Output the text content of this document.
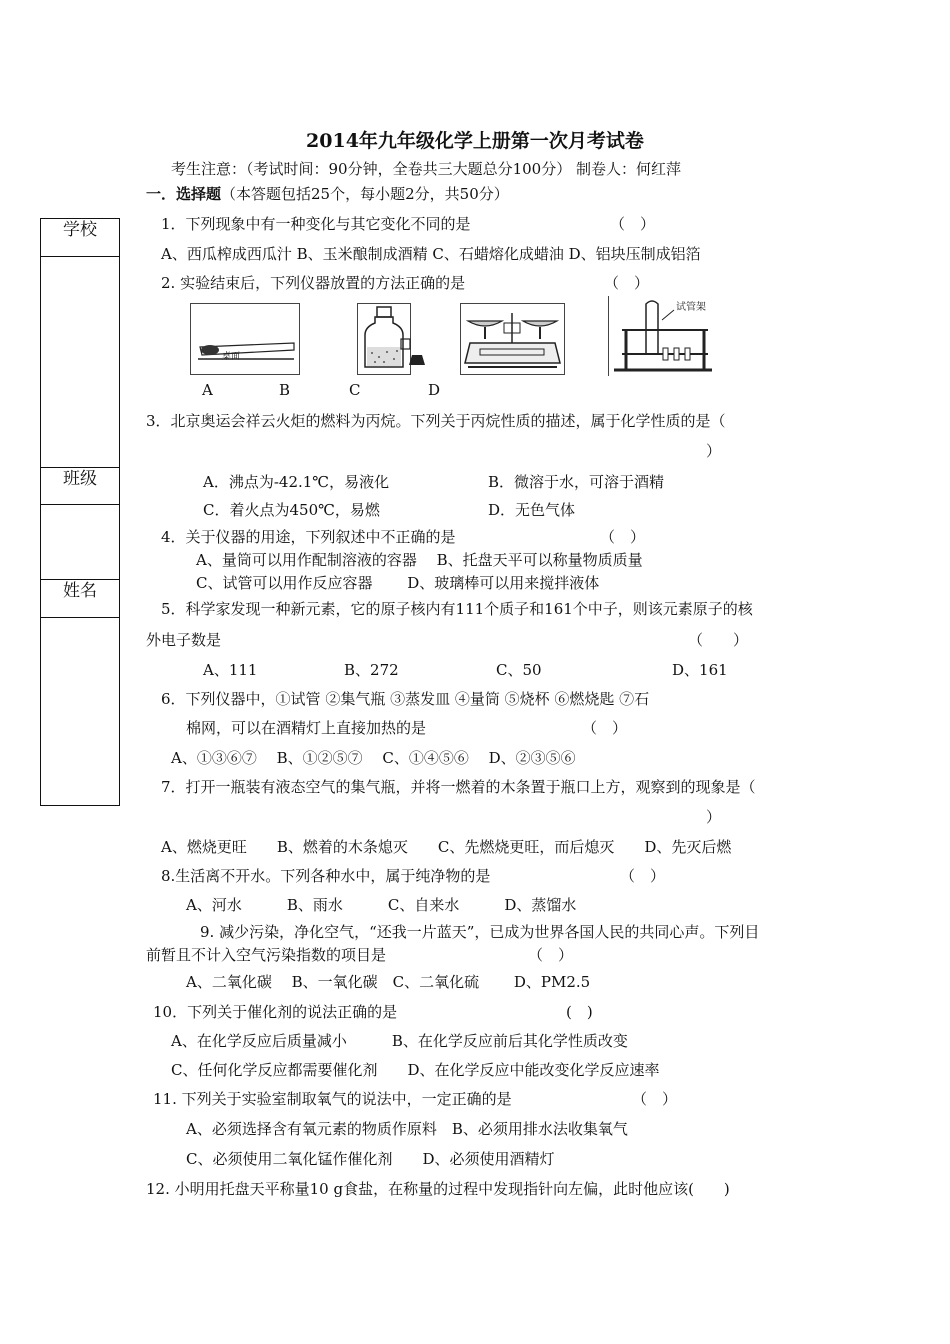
2014年九年级化学上册第一次月考试卷
考生注意：（考试时间：90分钟，全卷共三大题总分100分） 制卷人：何红萍
一．选择题（本答题包括25个，每小题2分，共50分）
学校
班级
姓名
1．下列现象中有一种变化与其它变化不同的是	（　）
A、西瓜榨成西瓜汁 B、玉米酿制成酒精 C、石蜡熔化成蜡油 D、铝块压制成铝箔
2. 实验结束后，下列仪器放置的方法正确的是	（　）
桌面
试管架
A	B	C	D
3．北京奥运会祥云火炬的燃料为丙烷。下列关于丙烷性质的描述，属于化学性质的是（
）
A．沸点为-42.1℃，易液化	B．微溶于水，可溶于酒精
C．着火点为450℃，易燃	D．无色气体
4．关于仪器的用途，下列叙述中不正确的是	（　）
A、量筒可以用作配制溶液的容器　 B、托盘天平可以称量物质质量
C、试管可以用作反应容器　　 D、玻璃棒可以用来搅拌液体
5．科学家发现一种新元素，它的原子核内有111个质子和161个中子，则该元素原子的核
外电子数是	（　　）
A、111	B、272	C、50	D、161
6．下列仪器中，①试管 ②集气瓶 ③蒸发皿 ④量筒 ⑤烧杯 ⑥燃烧匙 ⑦石
棉网，可以在酒精灯上直接加热的是	（　）
A、①③⑥⑦　 B、①②⑤⑦　 C、①④⑤⑥　 D、②③⑤⑥
7．打开一瓶装有液态空气的集气瓶，并将一燃着的木条置于瓶口上方，观察到的现象是（
）
A、燃烧更旺　　B、燃着的木条熄灭　　C、先燃烧更旺，而后熄灭　　D、先灭后燃
8.生活离不开水。下列各种水中，属于纯净物的是	（　）
A、河水　　　B、雨水　　　C、自来水　　　D、蒸馏水
9. 减少污染，净化空气，“还我一片蓝天”，已成为世界各国人民的共同心声。下列目
前暂且不计入空气污染指数的项目是	（　）
A、二氧化碳　 B、一氧化碳　C、二氧化硫　　 D、PM2.5
10．下列关于催化剂的说法正确的是	(　)
A、在化学反应后质量减小　　　B、在化学反应前后其化学性质改变
C、任何化学反应都需要催化剂　　D、在化学反应中能改变化学反应速率
11. 下列关于实验室制取氧气的说法中，一定正确的是	（　）
A、必须选择含有氧元素的物质作原料　B、必须用排水法收集氧气
C、必须使用二氧化锰作催化剂　　D、必须使用酒精灯
12. 小明用托盘天平称量10 g食盐，在称量的过程中发现指针向左偏，此时他应该(　　)
